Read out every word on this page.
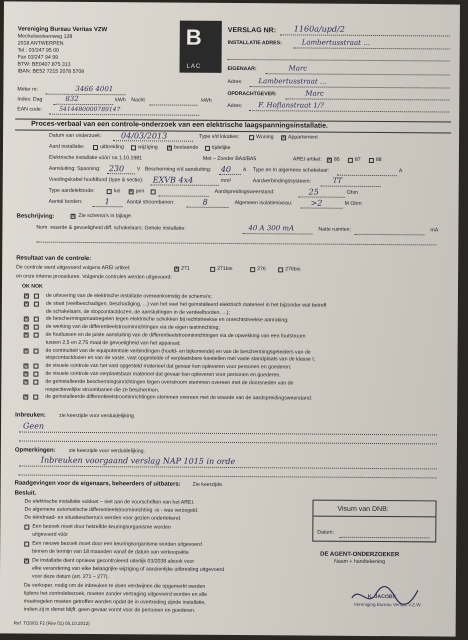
Vereniging Bureau Veritas VZW
Mechelsesteenweg 128
2018 ANTWERPEN
Tel.: 03/247 95 00
Fax 03/247 94 99
BTW: BE0407.875.313
IBAN: BE52 7215 2078 5709
B
LAC
VERSLAG NR: 1160a/upd/2
INSTALLATIE ADRES:	Lambertusstraat ...
EIGENAAR:	Marc
Adres: Lambertusstraat ...
OPDRACHTGEVER:	Marc
Adres: F. Hoflanstraat 1/?
Meter nr:	3466 4001
Index: Dag	832	kWh Nacht	kWh
EAN code:	5414480000789147
Proces-verbaal van een controle-onderzoek van een elektrische laagspanningsinstallatie.
Datum van onderzoek: 04/03/2013	Type v/d lokaties:	Woning x	Appartement
Aard installatie:	uitbreiding	wijziging x	bestaande	tijdelijke
Elektrische installatie vóór/ na 1.10.1981	Met – Zonder BA4/BA5	AREI artikel: x 86	87	88
Aansluiting: Spanning: 230 V Bescherming v/d aansluiting: 40 A Type en In algemene schakelaar:	A
Voedingskabel hoofdbord (type & sectie): EXVB 4x4	mm²	Aardverbindingssysteem:	TT
Type aardelektrode:	lus x	pen	Aardspreidingsweerstand:	25	Ohm
Aantal borden:	1	Aantal stroombanen:	8	Algemeen isolatieniveau: >2	M Ohm
Beschrijving: x	Zie schema's in bijlage.
Nom. waarde & gevoeligheid diff. schakelaars: Gehele installatie:	40 A 300 mA	Natte ruimten:	mA
Resultaat van de controle:
De controle werd uitgevoerd volgens AREI artikel: x	271	271bis	276	276bis
en onze interne procedures. Volgende controles werden uitgevoerd:
OK NOK
Inbreuken:	zie keerzijde voor verduidelijking.
Geen
Opmerkingen:	zie keerzijde voor verduidelijking.
Inbreuken voorgaand verslag NAP 1015 in orde
Raadgevingen voor de eigenaars, beheerders of uitbaters: Zie keerzijde.
Besluit.
Ref. TD5/01 F2 (Rev 01) 05.10.2012)
Visum van DNB:
Datum:
DE AGENT-ONDERZOEKER
Naam + handtekening
K. JACOBS
Vereniging Bureau Veritas V.Z.W.
x
de uitvoering van de elektrische installatie overeenkomstig de schema's;
x
de staat (veelbeschadigen, beschadiging, ...) van het veel het geïnstalleerd elektrisch materieel in het bijzonder wat betreft
de schakelaars, de stopcontactdozen, de aansluitingen in de verdeelborden, ...);
x
de beschermingsmaatregelen tegen elektrische schokken bij rechtstreekse en onrechtstreekse aanraking;
x
de werking van de differentieelstroominrichtingen via de eigen testinrichting;
x
de foutlussen en de juiste aansluiting van de differentieelstroominrichtingen via de opwekking van een foutstroom
tussen 2,5 en 2,75 maal de gevoeligheid van het apparaat;
x
de continuïteit van de equipotentiale verbindingen (hoofd- en bijkomende) en van de beschermingsgeleiders van de
stopcontactdozen en van de vaste, vast opgestelde of verplaatsbare toestellen met vaste standplaats van de klasse I;
x
de visuele controle van het vast opgesteld materieel dat gevaar kan opleveren voor personen en goederen;
x
de visuele controle van verplaatsbaar materieel dat gevaar kan opleveren voor personen en goederen.
x
de geïnstalleerde beschermingsinrichtingen tegen overstroom stemmen overeen met de doorsneden van de
respectievelijke stroombanen die ze beschermen.
x
de geïnstalleerde differentieelstroominrichtingen stemmen overeen met de waarde van de aardspreidingsweerstand.
De elektrische installatie voldoet – niet aan de voorschriften van het AREI.
De algemene automatische differentieelstroominrichting -is - was verzegeld.
De ééndraad- en situatieschema's werden voor gezien ondertekend.
Een bezoek moet door hetzelfde keuringsorganisme worden
uitgevoerd vóór
Een nieuwe bezoek moet door een keuringsorganisme worden uitgevoerd
binnen de termijn van 18 maanden vanaf de datum van verkoopakte
x
De installatie dient opnieuw gecontroleerd uiterlijk 03/2038 alsook voor
elke verandering van elke belangrijke wijziging of aanzienlijke uitbreiding uitgevoerd
voor deze datum (art. 271 – 277).
De verkoper, nodig om de inbreuken te doen verdwijnen die opgemerkt werden
tijdens het controlebezoek, moeten zonder vertraging uitgevoerd worden en alle
maatregelen moeten getroffen worden opdat de in overtreding zijnde installatie,
indien zij in dienst blijft, geen gevaar vormt voor de personen en goederen.
